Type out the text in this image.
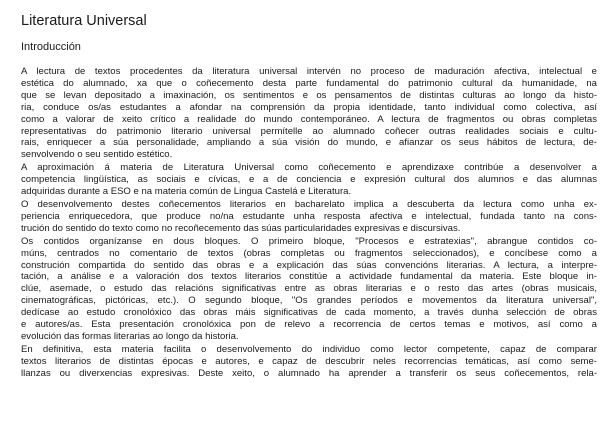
Literatura Universal
Introducción
A lectura de textos procedentes da literatura universal intervén no proceso de maduración afectiva, intelectual e
estética do alumnado, xa que o coñecemento desta parte fundamental do patrimonio cultural da humanidade, na
que se levan depositado a imaxinación, os sentimentos e os pensamentos de distintas culturas ao longo da histo-
ria, conduce os/as estudantes a afondar na comprensión da propia identidade, tanto individual como colectiva, así
como a valorar de xeito crítico a realidade do mundo contemporáneo. A lectura de fragmentos ou obras completas
representativas do patrimonio literario universal permítelle ao alumnado coñecer outras realidades sociais e cultu-
rais, enriquecer a súa personalidade, ampliando a súa visión do mundo, e afianzar os seus hábitos de lectura, de-
senvolvendo o seu sentido estético.
A aproximación á materia de Literatura Universal como coñecemento e aprendizaxe contribúe a desenvolver a
competencia lingüística, as sociais e cívicas, e a de conciencia e expresión cultural dos alumnos e das alumnas
adquiridas durante a ESO e na materia común de Lingua Castelá e Literatura.
O desenvolvemento destes coñecementos literarios en bacharelato implica a descuberta da lectura como unha ex-
periencia enriquecedora, que produce no/na estudante unha resposta afectiva e intelectual, fundada tanto na cons-
trución do sentido do texto como no recoñecemento das súas particularidades expresivas e discursivas.
Os contidos organízanse en dous bloques. O primeiro bloque, "Procesos e estratexias", abrangue contidos co-
múns, centrados no comentario de textos (obras completas ou fragmentos seleccionados), e concíbese como a
construción compartida do sentido das obras e a explicación das súas convencións literarias. A lectura, a interpre-
tación, a análise e a valoración dos textos literarios constitúe a actividade fundamental da materia. Este bloque in-
clúe, asemade, o estudo das relacións significativas entre as obras literarias e o resto das artes (obras musicais,
cinematográficas, pictóricas, etc.). O segundo bloque, "Os grandes períodos e movementos da literatura universal",
dedícase ao estudo cronolóxico das obras máis significativas de cada momento, a través dunha selección de obras
e autores/as. Esta presentación cronolóxica pon de relevo a recorrencia de certos temas e motivos, así como a
evolución das formas literarias ao longo da historia.
En definitiva, esta materia facilita o desenvolvemento do individuo como lector competente, capaz de comparar
textos literarios de distintas épocas e autores, e capaz de descubrir neles recorrencias temáticas, así como seme-
llanzas ou diverxencias expresivas. Deste xeito, o alumnado ha aprender a transferir os seus coñecementos, rela-
